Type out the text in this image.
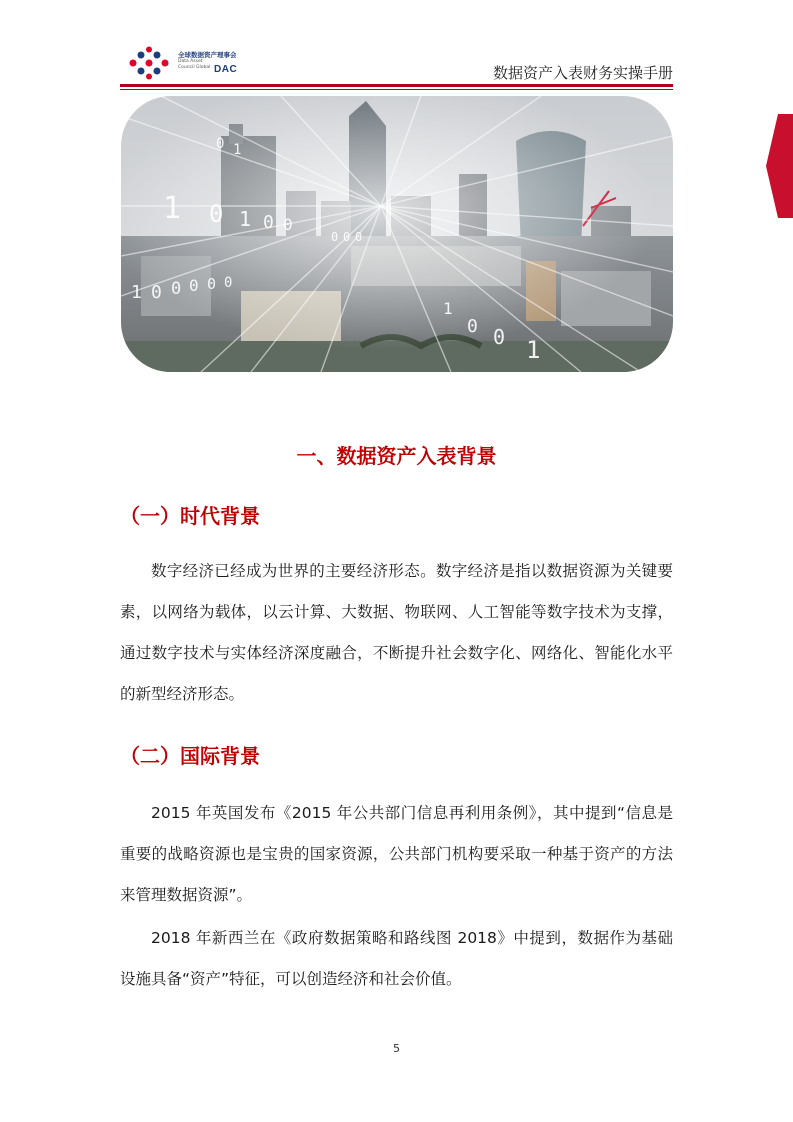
全球数据资产理事会
Data Asset
Council Global DAC	数据资产入表财务实操手册
1 0 1 0 0
0 0 0
1 0 0 0 0 0
1
0 0 1
0 1
一、数据资产入表背景
（一）时代背景

数字经济已经成为世界的主要经济形态。数字经济是指以数据资源为关键要素，以网络为载体，以云计算、大数据、物联网、人工智能等数字技术为支撑，通过数字技术与实体经济深度融合，不断提升社会数字化、网络化、智能化水平的新型经济形态。

（二）国际背景

2015 年英国发布《2015 年公共部门信息再利用条例》，其中提到“信息是重要的战略资源也是宝贵的国家资源，公共部门机构要采取一种基于资产的方法来管理数据资源”。

2018 年新西兰在《政府数据策略和路线图 2018》中提到，数据作为基础设施具备“资产”特征，可以创造经济和社会价值。

5
